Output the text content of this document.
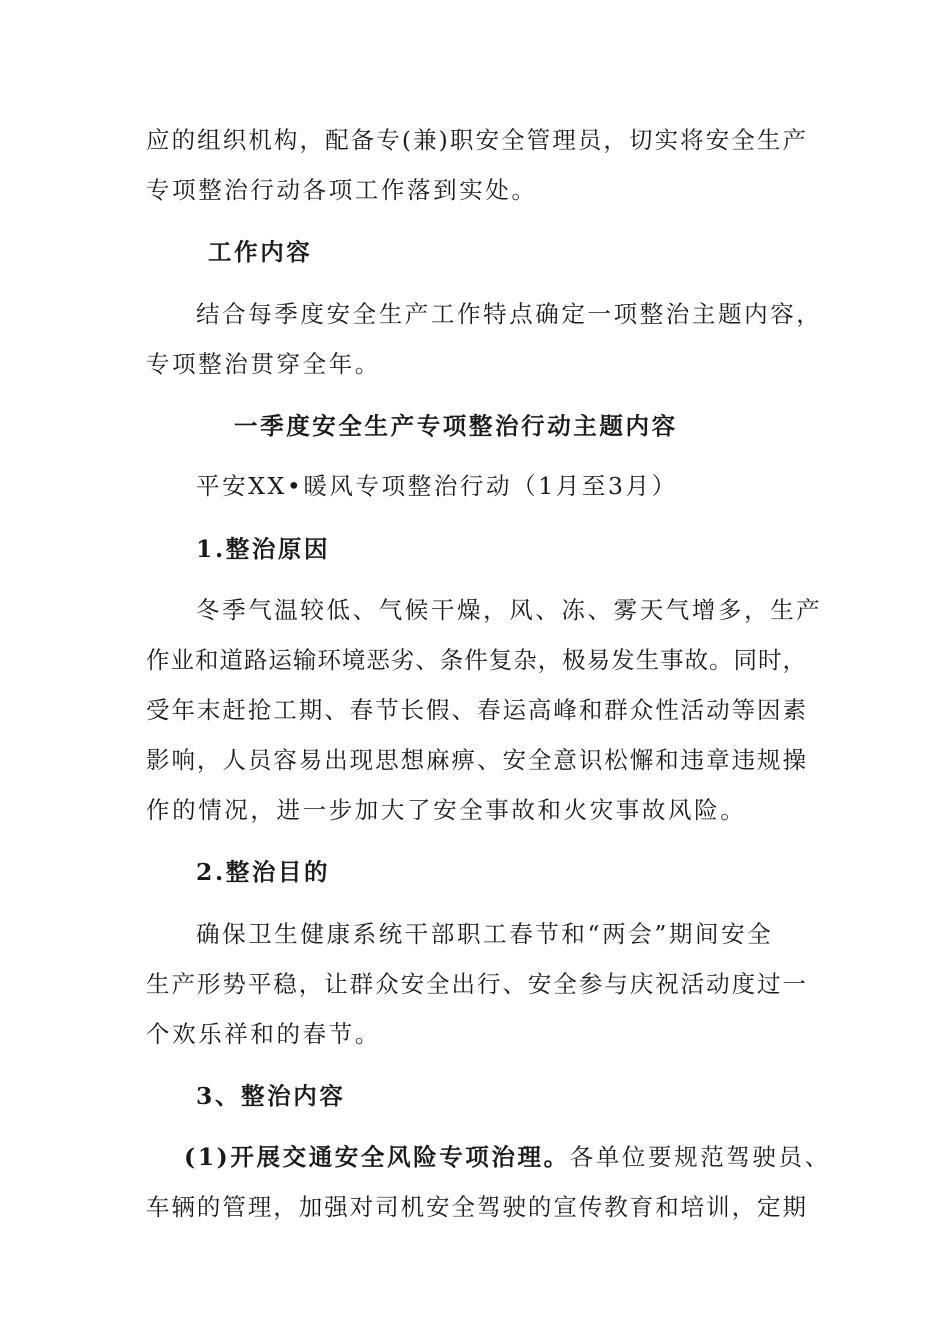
应的组织机构，配备专(兼)职安全管理员，切实将安全生产
专项整治行动各项工作落到实处。
工作内容
结合每季度安全生产工作特点确定一项整治主题内容，
专项整治贯穿全年。
一季度安全生产专项整治行动主题内容
平安XX•暖风专项整治行动（1月至3月）
1.整治原因
冬季气温较低、气候干燥，风、冻、雾天气增多，生产
作业和道路运输环境恶劣、条件复杂，极易发生事故。同时，
受年末赶抢工期、春节长假、春运高峰和群众性活动等因素
影响，人员容易出现思想麻痹、安全意识松懈和违章违规操
作的情况，进一步加大了安全事故和火灾事故风险。
2.整治目的
确保卫生健康系统干部职工春节和“两会”期间安全
生产形势平稳，让群众安全出行、安全参与庆祝活动度过一
个欢乐祥和的春节。
3、整治内容
(1)开展交通安全风险专项治理。各单位要规范驾驶员、
车辆的管理，加强对司机安全驾驶的宣传教育和培训，定期
